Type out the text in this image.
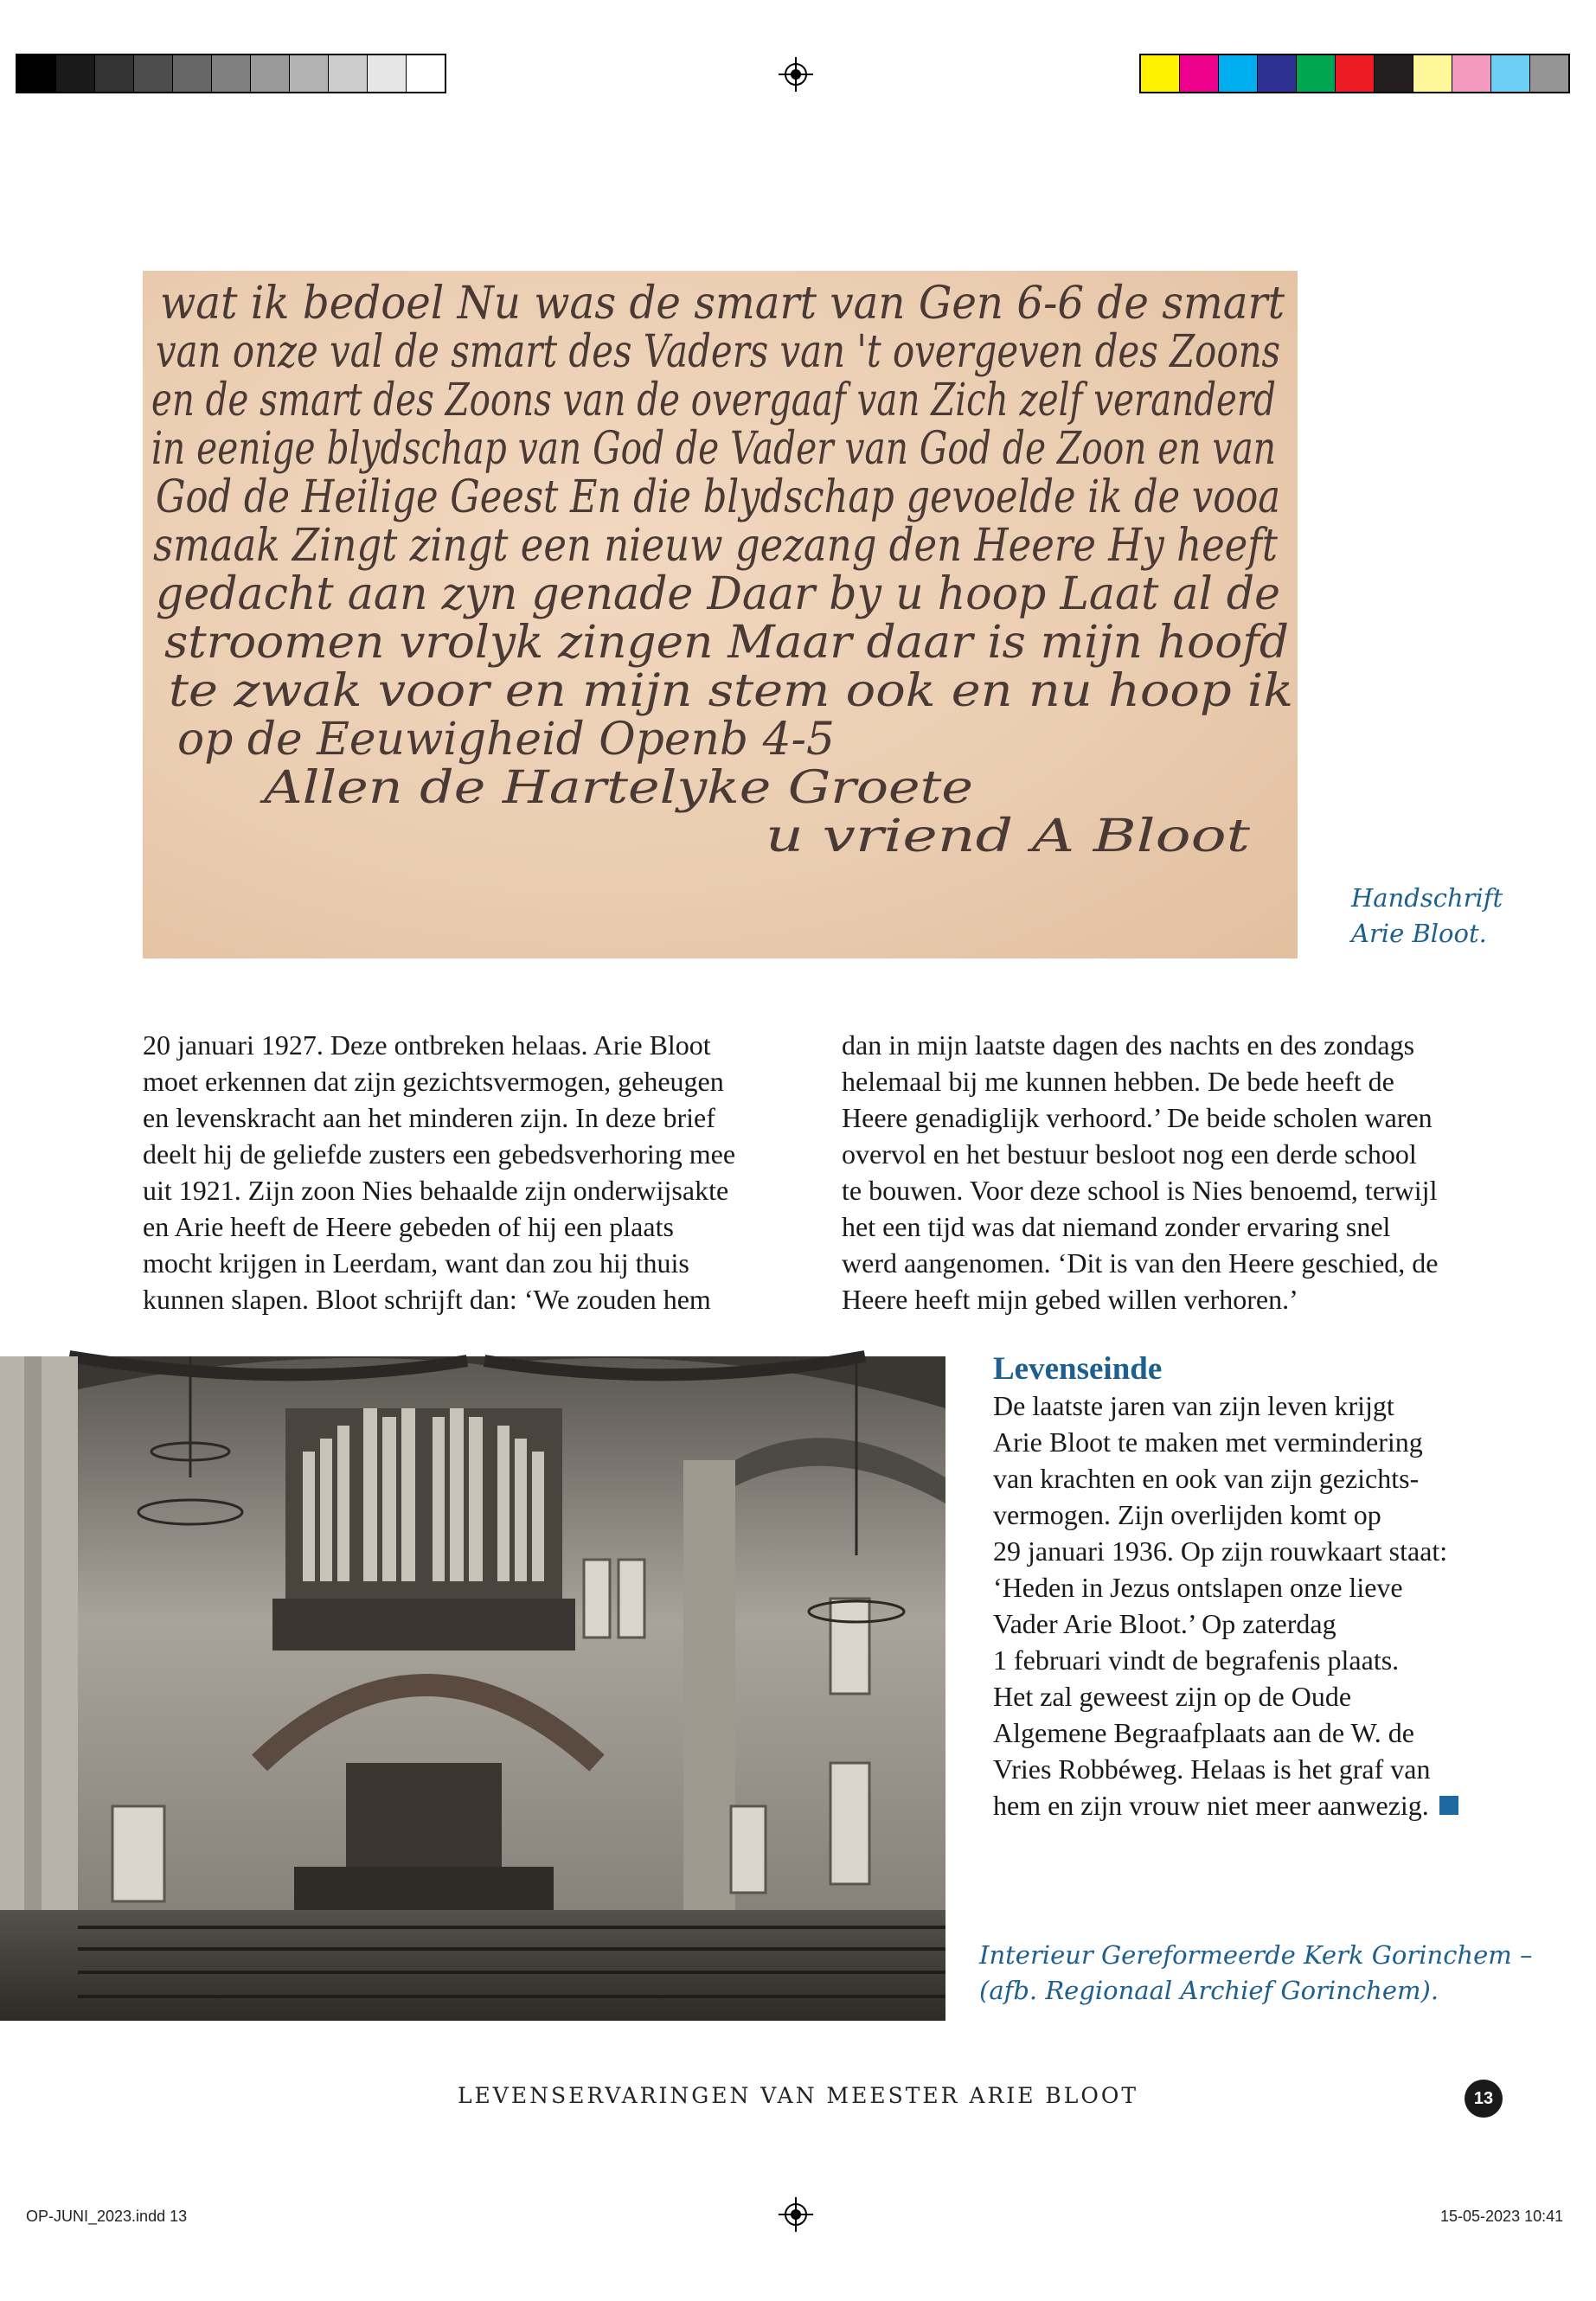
wat ik bedoel Nu was de smart van Gen 6-6 de smart
van onze val de smart des Vaders van 't overgeven des Zoons
en de smart des Zoons van de overgaaf van Zich zelf veranderd
in eenige blydschap van God de Vader van God de Zoon en van
God de Heilige Geest En die blydschap gevoelde ik de vooa
smaak Zingt zingt een nieuw gezang den Heere Hy heeft
gedacht aan zyn genade Daar by u hoop Laat al de
stroomen vrolyk zingen Maar daar is mijn hoofd
te zwak voor en mijn stem ook en nu hoop ik
op de Eeuwigheid Openb 4-5
Allen de Hartelyke Groete
u vriend A Bloot
Handschrift
Arie Bloot.
20 januari 1927. Deze ontbreken helaas. Arie Bloot
moet erkennen dat zijn gezichtsvermogen, geheugen
en levenskracht aan het minderen zijn. In deze brief
deelt hij de geliefde zusters een gebedsverhoring mee
uit 1921. Zijn zoon Nies behaalde zijn onderwijsakte
en Arie heeft de Heere gebeden of hij een plaats
mocht krijgen in Leerdam, want dan zou hij thuis
kunnen slapen. Bloot schrijft dan: ‘We zouden hem
dan in mijn laatste dagen des nachts en des zondags
helemaal bij me kunnen hebben. De bede heeft de
Heere genadiglijk verhoord.’ De beide scholen waren
overvol en het bestuur besloot nog een derde school
te bouwen. Voor deze school is Nies benoemd, terwijl
het een tijd was dat niemand zonder ervaring snel
werd aangenomen. ‘Dit is van den Heere geschied, de
Heere heeft mijn gebed willen verhoren.’
Levenseinde
De laatste jaren van zijn leven krijgt
Arie Bloot te maken met vermindering
van krachten en ook van zijn gezichts-
vermogen. Zijn overlijden komt op
29 januari 1936. Op zijn rouwkaart staat:
‘Heden in Jezus ontslapen onze lieve
Vader Arie Bloot.’ Op zaterdag
1 februari vindt de begrafenis plaats.
Het zal geweest zijn op de Oude
Algemene Begraafplaats aan de W. de
Vries Robbéweg. Helaas is het graf van
hem en zijn vrouw niet meer aanwezig.
Interieur Gereformeerde Kerk Gorinchem –
(afb. Regionaal Archief Gorinchem).
LEVENSERVARINGEN VAN MEESTER ARIE BLOOT	13
OP-JUNI_2023.indd 13	15-05-2023 10:41
